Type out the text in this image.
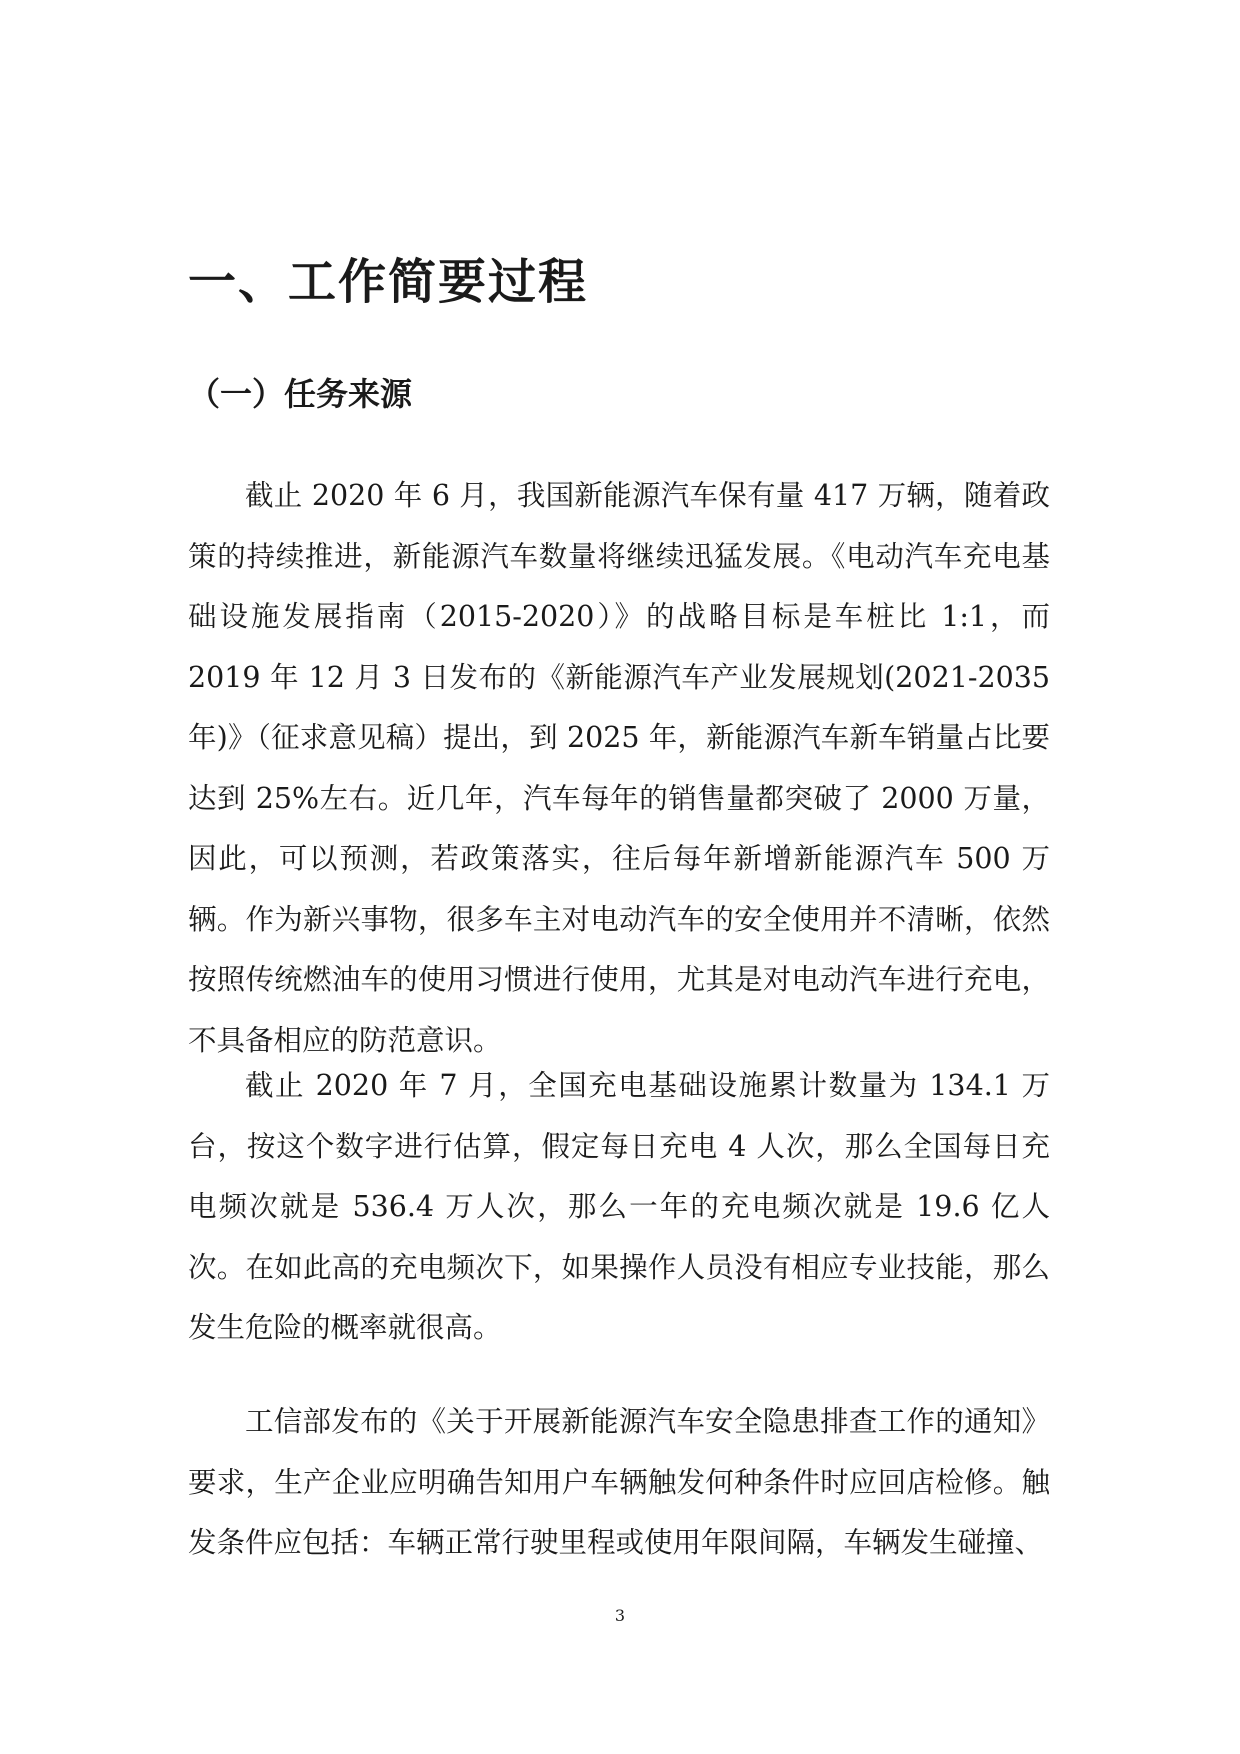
一、工作简要过程
（一）任务来源

截止 2020 年 6 月，我国新能源汽车保有量 417 万辆，随着政策的持续推进，新能源汽车数量将继续迅猛发展。《电动汽车充电基础设施发展指南（2015-2020）》的战略目标是车桩比 1:1，而 2019 年 12 月 3 日发布的《新能源汽车产业发展规划(2021-2035 年)》（征求意见稿）提出，到 2025 年，新能源汽车新车销量占比要达到 25%左右。近几年，汽车每年的销售量都突破了 2000 万量，因此，可以预测，若政策落实，往后每年新增新能源汽车 500 万辆。作为新兴事物，很多车主对电动汽车的安全使用并不清晰，依然按照传统燃油车的使用习惯进行使用，尤其是对电动汽车进行充电，不具备相应的防范意识。

截止 2020 年 7 月，全国充电基础设施累计数量为 134.1 万台，按这个数字进行估算，假定每日充电 4 人次，那么全国每日充电频次就是 536.4 万人次，那么一年的充电频次就是 19.6 亿人次。在如此高的充电频次下，如果操作人员没有相应专业技能，那么发生危险的概率就很高。

工信部发布的《关于开展新能源汽车安全隐患排查工作的通知》要求，生产企业应明确告知用户车辆触发何种条件时应回店检修。触发条件应包括：车辆正常行驶里程或使用年限间隔，车辆发生碰撞、

3
